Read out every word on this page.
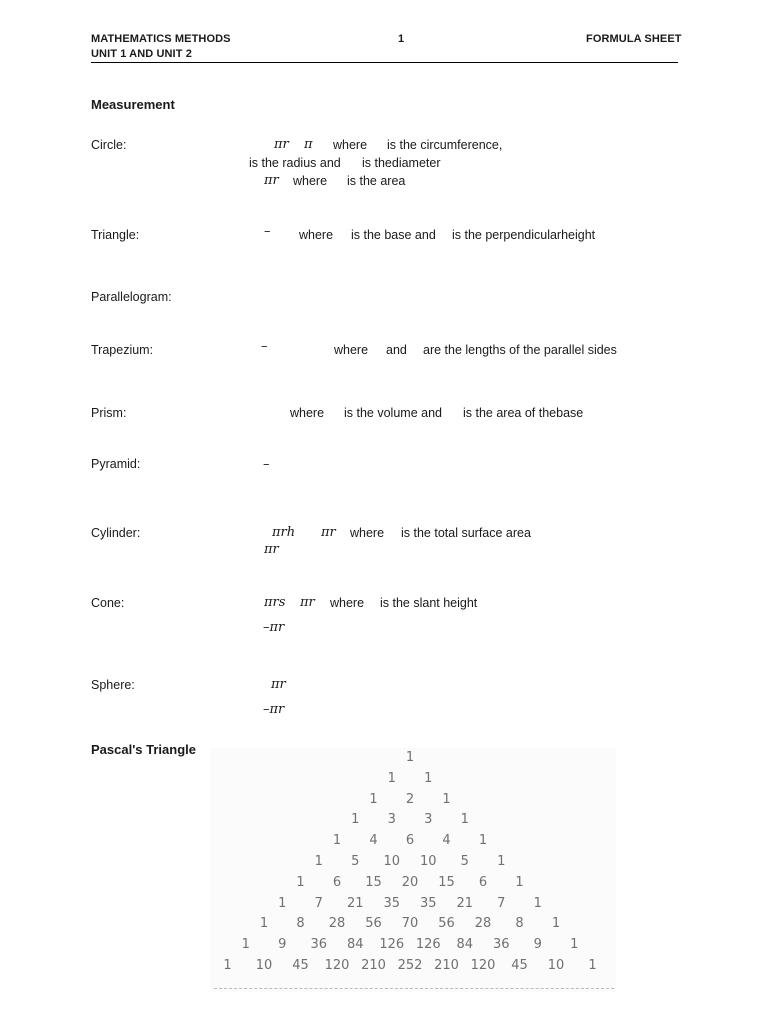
MATHEMATICS METHODS
UNIT 1 AND UNIT 2
1	FORMULA SHEET
Measurement
Circle:	πr π where is the circumference,
is the radius and is thediameter
πr where is the area
Triangle:	– where is the base and is the perpendicularheight
Parallelogram:
Trapezium:	–	where and are the lengths of the parallel sides
Prism:	where is the volume and is the area of thebase
Pyramid:	–
Cylinder:	πrh πr where is the total surface area
πr
Cone:	πrs πr where is the slant height
–πr
Sphere:	πr
–πr
Pascal's Triangle
1
1 1
1 2 1
1 3 3 1
1 4 6 4 1
1 5 10 10 5 1
1 6 15 20 15 6 1
1 7 21 35 35 21 7 1
1 8 28 56 70 56 28 8 1
1 9 36 84 126 126 84 36 9 1
1 10 45 120 210 252 210 120 45 10 1
